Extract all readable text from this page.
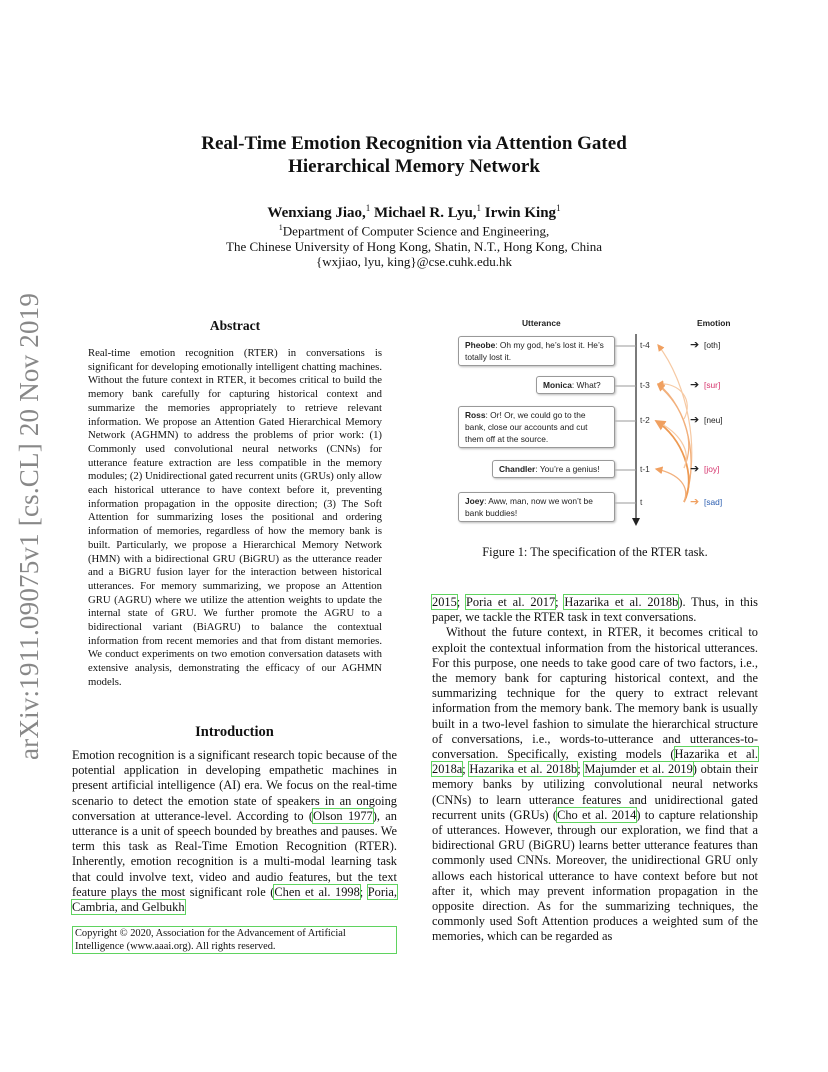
arXiv:1911.09075v1 [cs.CL] 20 Nov 2019
Real-Time Emotion Recognition via Attention Gated
Hierarchical Memory Network
Wenxiang Jiao,$^1$ Michael R. Lyu,$^1$ Irwin King$^1$
$^1$Department of Computer Science and Engineering,
The Chinese University of Hong Kong, Shatin, N.T., Hong Kong, China
{wxjiao, lyu, king}@cse.cuhk.edu.hk
Abstract
Real-time emotion recognition (RTER) in conversations is significant for developing emotionally intelligent chatting machines. Without the future context in RTER, it becomes critical to build the memory bank carefully for capturing historical context and summarize the memories appropriately to retrieve relevant information. We propose an Attention Gated Hierarchical Memory Network (AGHMN) to address the problems of prior work: (1) Commonly used convolutional neural networks (CNNs) for utterance feature extraction are less compatible in the memory modules; (2) Unidirectional gated recurrent units (GRUs) only allow each historical utterance to have context before it, preventing information propagation in the opposite direction; (3) The Soft Attention for summarizing loses the positional and ordering information of memories, regardless of how the memory bank is built. Particularly, we propose a Hierarchical Memory Network (HMN) with a bidirectional GRU (BiGRU) as the utterance reader and a BiGRU fusion layer for the interaction between historical utterances. For memory summarizing, we propose an Attention GRU (AGRU) where we utilize the attention weights to update the internal state of GRU. We further promote the AGRU to a bidirectional variant (BiAGRU) to balance the contextual information from recent memories and that from distant memories. We conduct experiments on two emotion conversation datasets with extensive analysis, demonstrating the efficacy of our AGHMN models.
Introduction
Emotion recognition is a significant research topic because of the potential application in developing empathetic machines in present artificial intelligence (AI) era. We focus on the real-time scenario to detect the emotion state of speakers in an ongoing conversation at utterance-level. According to (Olson 1977), an utterance is a unit of speech bounded by breathes and pauses. We term this task as Real-Time Emotion Recognition (RTER). Inherently, emotion recognition is a multi-modal learning task that could involve text, video and audio features, but the text feature plays the most significant role (Chen et al. 1998; Poria, Cambria, and Gelbukh
Copyright © 2020, Association for the Advancement of Artificial Intelligence (www.aaai.org). All rights reserved.
Utterance	Emotion
Pheobe: Oh my god, he’s lost it. He’s totally lost it.
Monica: What?
Ross: Or! Or, we could go to the bank, close our accounts and cut them off at the source.
Chandler: You’re a genius!
Joey: Aww, man, now we won’t be bank buddies!
t-4
t-3
t-2
t-1
t
➔ [oth]
➔ [sur]
➔ [neu]
➔ [joy]
➔ [sad]
Figure 1: The specification of the RTER task.

2015; Poria et al. 2017; Hazarika et al. 2018b). Thus, in this paper, we tackle the RTER task in text conversations.

Without the future context, in RTER, it becomes critical to exploit the contextual information from the historical utterances. For this purpose, one needs to take good care of two factors, i.e., the memory bank for capturing historical context, and the summarizing technique for the query to extract relevant information from the memory bank. The memory bank is usually built in a two-level fashion to simulate the hierarchical structure of conversations, i.e., words-to-utterance and utterances-to-conversation. Specifically, existing models (Hazarika et al. 2018a; Hazarika et al. 2018b; Majumder et al. 2019) obtain their memory banks by utilizing convolutional neural networks (CNNs) to learn utterance features and unidirectional gated recurrent units (GRUs) (Cho et al. 2014) to capture relationship of utterances. However, through our exploration, we find that a bidirectional GRU (BiGRU) learns better utterance features than commonly used CNNs. Moreover, the unidirectional GRU only allows each historical utterance to have context before but not after it, which may prevent information propagation in the opposite direction. As for the summarizing techniques, the commonly used Soft Attention produces a weighted sum of the memories, which can be regarded as
